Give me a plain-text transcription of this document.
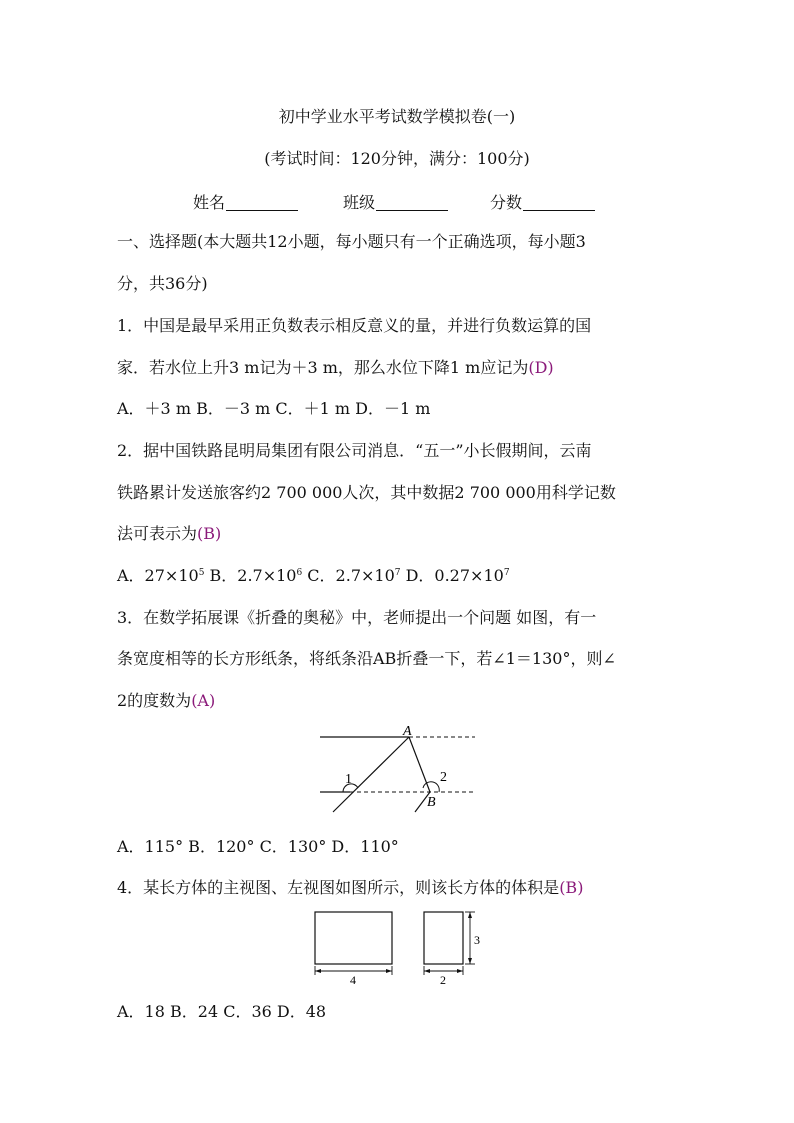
初中学业水平考试数学模拟卷(一)
(考试时间：120分钟，满分：100分)
姓名	班级	分数
一、选择题(本大题共12小题，每小题只有一个正确选项，每小题3
分，共36分)
1．中国是最早采用正负数表示相反意义的量，并进行负数运算的国
家．若水位上升3 m记为＋3 m，那么水位下降1 m应记为(D)
A．＋3 m B．－3 m C．＋1 m D．－1 m
2．据中国铁路昆明局集团有限公司消息．“五一”小长假期间，云南
铁路累计发送旅客约2 700 000人次，其中数据2 700 000用科学记数
法可表示为(B)
A．$27\times 10^5$ B．$2.7\times 10^6$ C．$2.7\times 10^7$ D．$0.27\times 10^7$
3．在数学拓展课《折叠的奥秘》中，老师提出一个问题 如图，有一
条宽度相等的长方形纸条，将纸条沿AB折叠一下，若∠1＝130°，则∠
2的度数为(A)
A
B
1	2
A．115° B．120° C．130° D．110°
4．某长方体的主视图、左视图如图所示，则该长方体的体积是(B)
4	2
3
A．18 B．24 C．36 D．48
